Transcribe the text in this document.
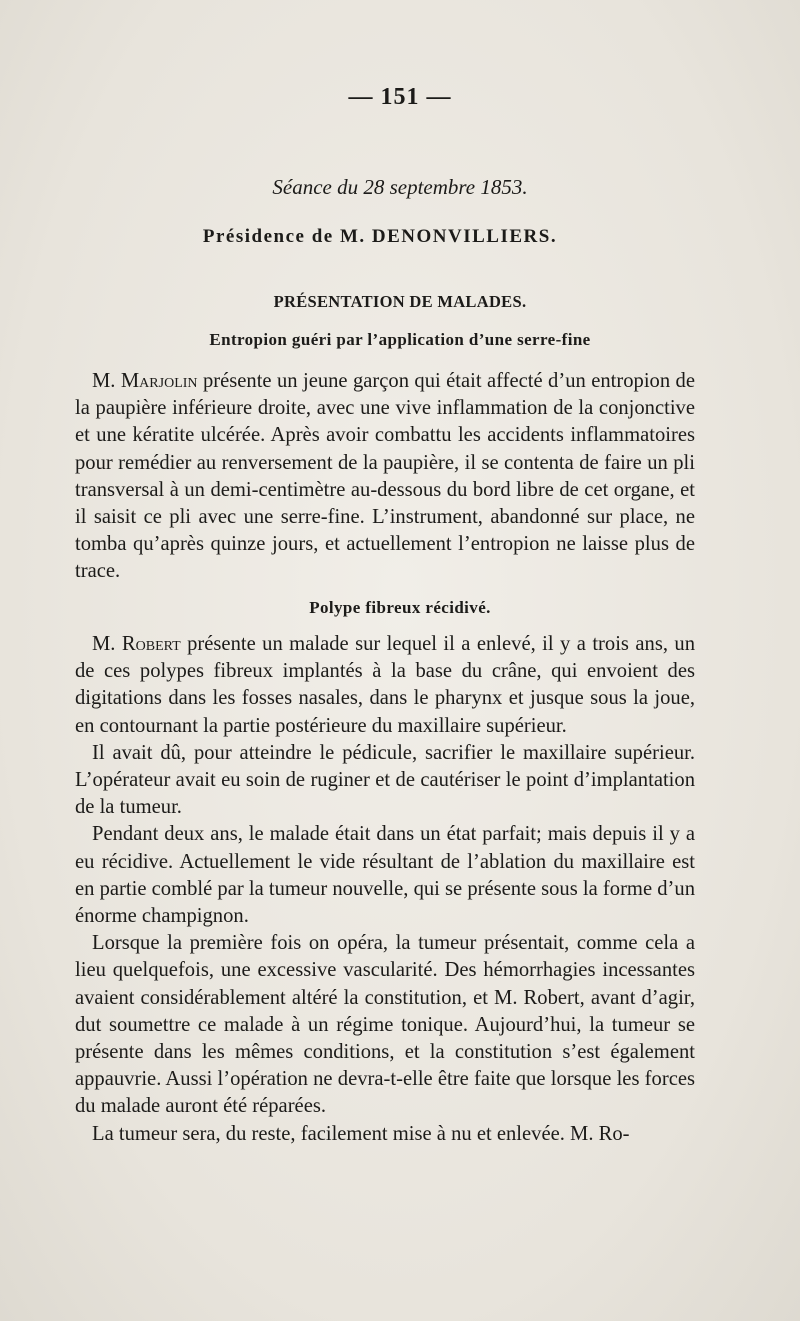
— 151 —
Séance du 28 septembre 1853.
Présidence de M. DENONVILLIERS.
PRÉSENTATION DE MALADES.
Entropion guéri par l’application d’une serre-fine

M. Marjolin présente un jeune garçon qui était affecté d’un entropion de la paupière inférieure droite, avec une vive inflammation de la conjonctive et une kératite ulcérée. Après avoir combattu les accidents inflammatoires pour remédier au renversement de la paupière, il se contenta de faire un pli transversal à un demi-centimètre au-dessous du bord libre de cet organe, et il saisit ce pli avec une serre-fine. L’instrument, abandonné sur place, ne tomba qu’après quinze jours, et actuellement l’entropion ne laisse plus de trace.

Polype fibreux récidivé.

M. Robert présente un malade sur lequel il a enlevé, il y a trois ans, un de ces polypes fibreux implantés à la base du crâne, qui envoient des digitations dans les fosses nasales, dans le pharynx et jusque sous la joue, en contournant la partie postérieure du maxillaire supérieur.

Il avait dû, pour atteindre le pédicule, sacrifier le maxillaire supérieur. L’opérateur avait eu soin de ruginer et de cautériser le point d’implantation de la tumeur.

Pendant deux ans, le malade était dans un état parfait; mais depuis il y a eu récidive. Actuellement le vide résultant de l’ablation du maxillaire est en partie comblé par la tumeur nouvelle, qui se présente sous la forme d’un énorme champignon.

Lorsque la première fois on opéra, la tumeur présentait, comme cela a lieu quelquefois, une excessive vascularité. Des hémorrhagies incessantes avaient considérablement altéré la constitution, et M. Robert, avant d’agir, dut soumettre ce malade à un régime tonique. Aujourd’hui, la tumeur se présente dans les mêmes conditions, et la constitution s’est également appauvrie. Aussi l’opération ne devra-t-elle être faite que lorsque les forces du malade auront été réparées.

La tumeur sera, du reste, facilement mise à nu et enlevée. M. Ro-
